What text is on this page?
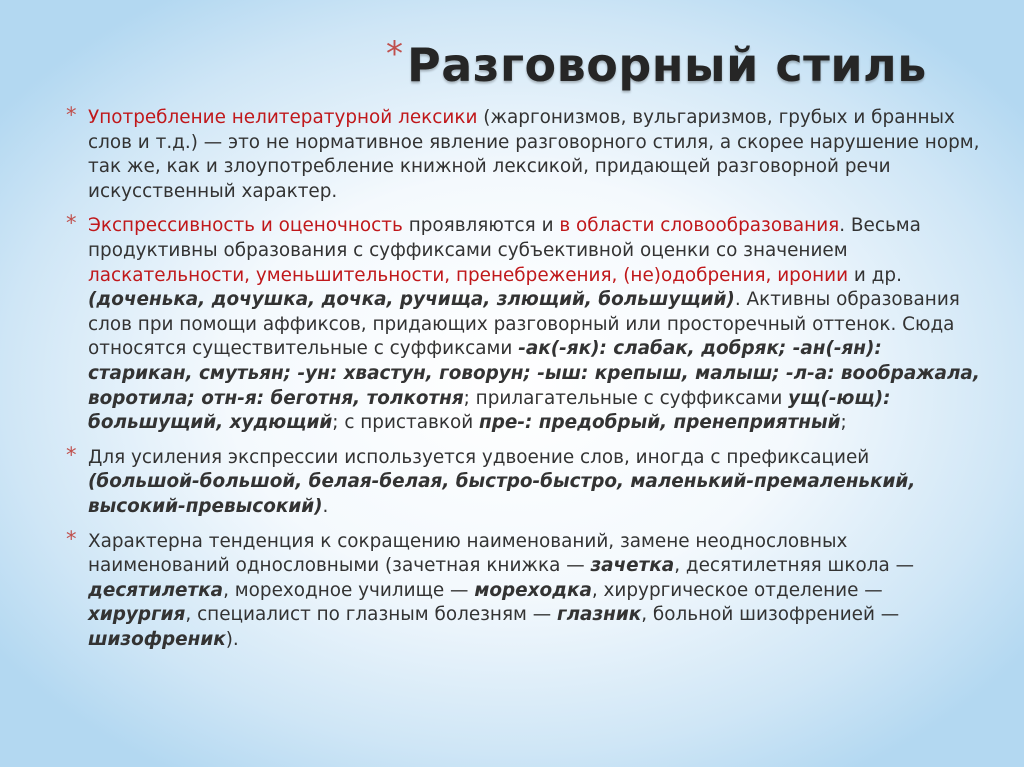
*Разговорный стиль
* Употребление нелитературной лексики (жаргонизмов, вульгаризмов, грубых и бранных слов и т.д.) — это не нормативное явление разговорного стиля, а скорее нарушение норм, так же, как и злоупотребление книжной лексикой, придающей разговорной речи искусственный характер.
* Экспрессивность и оценочность проявляются и в области словообразования. Весьма продуктивны образования с суффиксами субъективной оценки со значением ласкательности, уменьшительности, пренебрежения, (не)одобрения, иронии и др. (доченька, дочушка, дочка, ручища, злющий, большущий). Активны образования слов при помощи аффиксов, придающих разговорный или просторечный оттенок. Сюда относятся существительные с суффиксами -ак(-як): слабак, добряк; -ан(-ян): старикан, смутьян; -ун: хвастун, говорун; -ыш: крепыш, малыш; -л-а: воображала, воротила; отн-я: беготня, толкотня; прилагательные с суффиксами ущ(-ющ): большущий, худющий; с приставкой пре-: предобрый, пренеприятный;
* Для усиления экспрессии используется удвоение слов, иногда с префиксацией (большой-большой, белая-белая, быстро-быстро, маленький-премаленький, высокий-превысокий).
* Характерна тенденция к сокращению наименований, замене неоднословных наименований однословными (зачетная книжка — зачетка, десятилетняя школа — десятилетка, мореходное училище — мореходка, хирургическое отделение — хирургия, специалист по глазным болезням — глазник, больной шизофренией — шизофреник).
